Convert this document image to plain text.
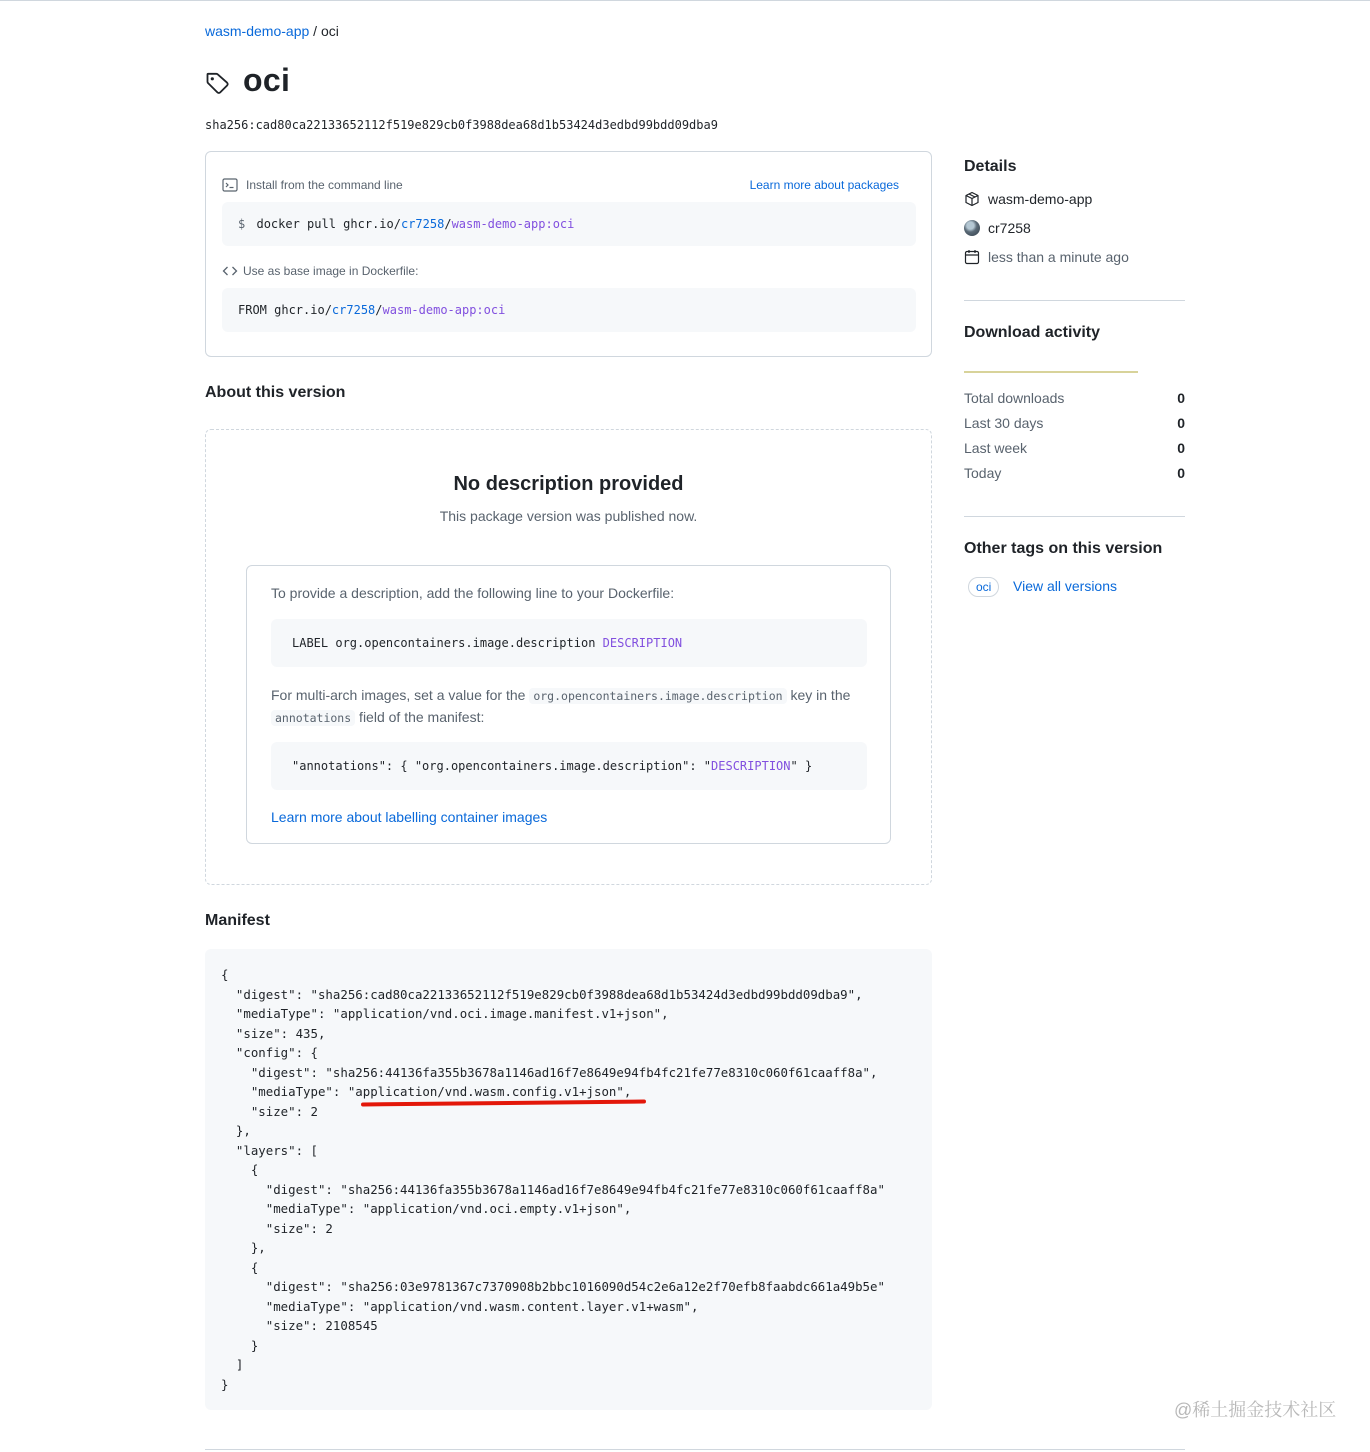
wasm-demo-app / oci
oci
sha256:cad80ca22133652112f519e829cb0f3988dea68d1b53424d3edbd99bdd09dba9
Install from the command line	Learn more about packages
$ docker pull ghcr.io/cr7258/wasm-demo-app:oci
Use as base image in Dockerfile:
FROM ghcr.io/cr7258/wasm-demo-app:oci
About this version
No description provided
This package version was published now.
To provide a description, add the following line to your Dockerfile:
LABEL org.opencontainers.image.description DESCRIPTION
For multi-arch images, set a value for the org.opencontainers.image.description key in the annotations field of the manifest:
"annotations": { "org.opencontainers.image.description": "DESCRIPTION" }
Learn more about labelling container images
Manifest
{
"digest": "sha256:cad80ca22133652112f519e829cb0f3988dea68d1b53424d3edbd99bdd09dba9",
"mediaType": "application/vnd.oci.image.manifest.v1+json",
"size": 435,
"config": {
"digest": "sha256:44136fa355b3678a1146ad16f7e8649e94fb4fc21fe77e8310c060f61caaff8a",
"mediaType": "application/vnd.wasm.config.v1+json",
"size": 2
},
"layers": [
{
"digest": "sha256:44136fa355b3678a1146ad16f7e8649e94fb4fc21fe77e8310c060f61caaff8a"
"mediaType": "application/vnd.oci.empty.v1+json",
"size": 2
},
{
"digest": "sha256:03e9781367c7370908b2bbc1016090d54c2e6a12e2f70efb8faabdc661a49b5e"
"mediaType": "application/vnd.wasm.content.layer.v1+wasm",
"size": 2108545
}
]
}
Details
wasm-demo-app
cr7258
less than a minute ago
Download activity
Total downloads	0
Last 30 days	0
Last week	0
Today	0
Other tags on this version
oci	View all versions
@稀土掘金技术社区
